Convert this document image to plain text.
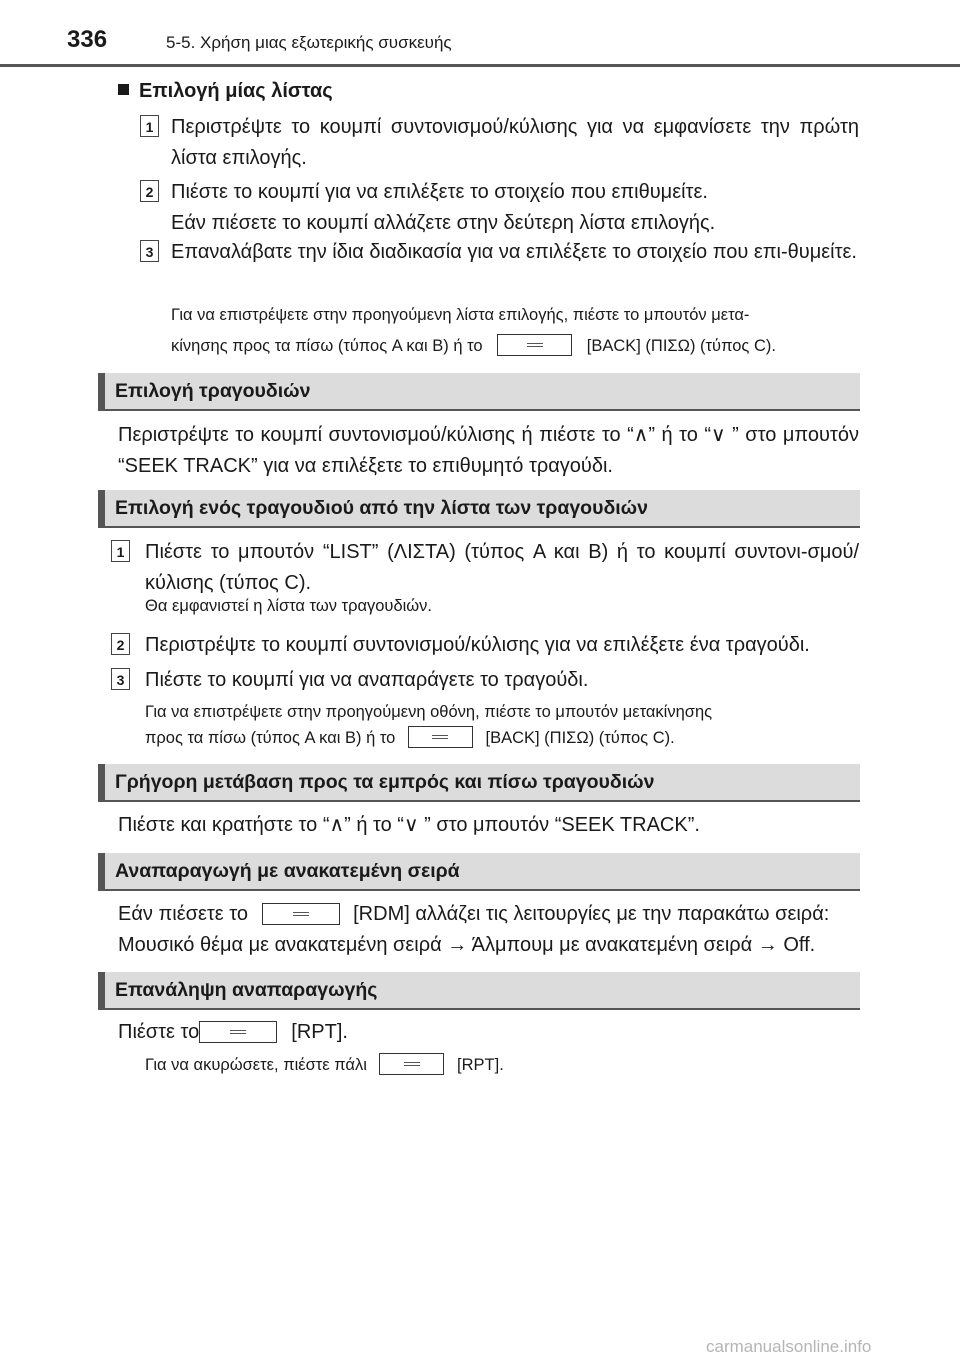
336	5-5. Χρήση μιας εξωτερικής συσκευής
Επιλογή μίας λίστας
1 Περιστρέψτε το κουμπί συντονισμού/κύλισης για να εμφανίσετε την πρώτη λίστα επιλογής.
2 Πιέστε το κουμπί για να επιλέξετε το στοιχείο που επιθυμείτε.
Εάν πιέσετε το κουμπί αλλάζετε στην δεύτερη λίστα επιλογής.
3 Επαναλάβατε την ίδια διαδικασία για να επιλέξετε το στοιχείο που επι-θυμείτε.
Για να επιστρέψετε στην προηγούμενη λίστα επιλογής, πιέστε το μπουτόν μετα-
κίνησης προς τα πίσω (τύπος A και B) ή το	[BACK] (ΠΙΣΩ) (τύπος C).
Επιλογή τραγουδιών
Περιστρέψτε το κουμπί συντονισμού/κύλισης ή πιέστε το “∧” ή το “∨ ” στο μπουτόν “SEEK TRACK” για να επιλέξετε το επιθυμητό τραγούδι.
Επιλογή ενός τραγουδιού από την λίστα των τραγουδιών
1 Πιέστε το μπουτόν “LIST” (ΛΙΣΤΑ) (τύπος A και B) ή το κουμπί συντονι-σμού/κύλισης (τύπος C).
Θα εμφανιστεί η λίστα των τραγουδιών.
2 Περιστρέψτε το κουμπί συντονισμού/κύλισης για να επιλέξετε ένα τραγούδι.
3 Πιέστε το κουμπί για να αναπαράγετε το τραγούδι.
Για να επιστρέψετε στην προηγούμενη οθόνη, πιέστε το μπουτόν μετακίνησης
προς τα πίσω (τύπος A και B) ή το	[BACK] (ΠΙΣΩ) (τύπος C).
Γρήγορη μετάβαση προς τα εμπρός και πίσω τραγουδιών
Πιέστε και κρατήστε το “∧” ή το “∨ ” στο μπουτόν “SEEK TRACK”.
Αναπαραγωγή με ανακατεμένη σειρά
Εάν πιέσετε το	[RDM] αλλάζει τις λειτουργίες με την παρακάτω σειρά:
Μουσικό θέμα με ανακατεμένη σειρά → Άλμπουμ με ανακατεμένη σειρά → Off.
Επανάληψη αναπαραγωγής
Πιέστε το	[RPT].
Για να ακυρώσετε, πιέστε πάλι	[RPT].
carmanualsonline.info
